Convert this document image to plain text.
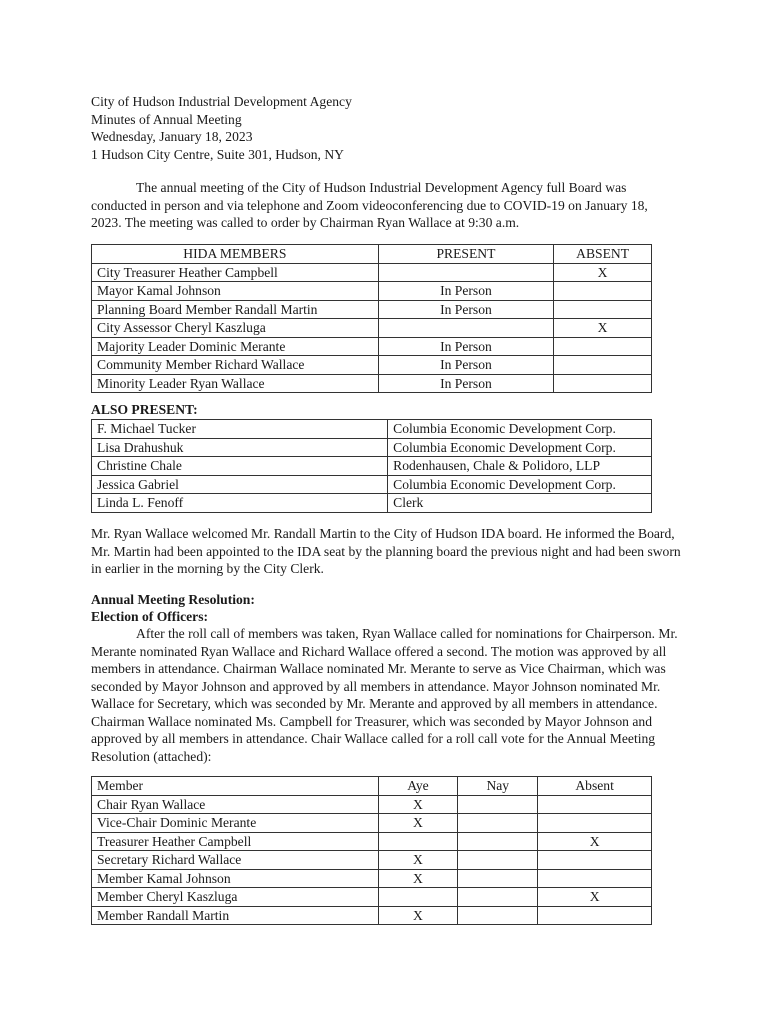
City of Hudson Industrial Development Agency
Minutes of Annual Meeting
Wednesday, January 18, 2023
1 Hudson City Centre, Suite 301, Hudson, NY
The annual meeting of the City of Hudson Industrial Development Agency full Board was conducted in person and via telephone and Zoom videoconferencing due to COVID-19 on January 18, 2023. The meeting was called to order by Chairman Ryan Wallace at 9:30 a.m.
HIDA MEMBERS	PRESENT	ABSENT
City Treasurer Heather Campbell		X
Mayor Kamal Johnson	In Person	
Planning Board Member Randall Martin	In Person	
City Assessor Cheryl Kaszluga		X
Majority Leader Dominic Merante	In Person	
Community Member Richard Wallace	In Person	
Minority Leader Ryan Wallace	In Person	
ALSO PRESENT:
F. Michael Tucker	Columbia Economic Development Corp.
Lisa Drahushuk	Columbia Economic Development Corp.
Christine Chale	Rodenhausen, Chale & Polidoro, LLP
Jessica Gabriel	Columbia Economic Development Corp.
Linda L. Fenoff	Clerk
Mr. Ryan Wallace welcomed Mr. Randall Martin to the City of Hudson IDA board. He informed the Board, Mr. Martin had been appointed to the IDA seat by the planning board the previous night and had been sworn in earlier in the morning by the City Clerk.
Annual Meeting Resolution:
Election of Officers:
After the roll call of members was taken, Ryan Wallace called for nominations for Chairperson. Mr. Merante nominated Ryan Wallace and Richard Wallace offered a second. The motion was approved by all members in attendance. Chairman Wallace nominated Mr. Merante to serve as Vice Chairman, which was seconded by Mayor Johnson and approved by all members in attendance. Mayor Johnson nominated Mr. Wallace for Secretary, which was seconded by Mr. Merante and approved by all members in attendance. Chairman Wallace nominated Ms. Campbell for Treasurer, which was seconded by Mayor Johnson and approved by all members in attendance. Chair Wallace called for a roll call vote for the Annual Meeting Resolution (attached):
Member	Aye	Nay	Absent
Chair Ryan Wallace	X		
Vice-Chair Dominic Merante	X		
Treasurer Heather Campbell			X
Secretary Richard Wallace	X		
Member Kamal Johnson	X		
Member Cheryl Kaszluga			X
Member Randall Martin	X		
